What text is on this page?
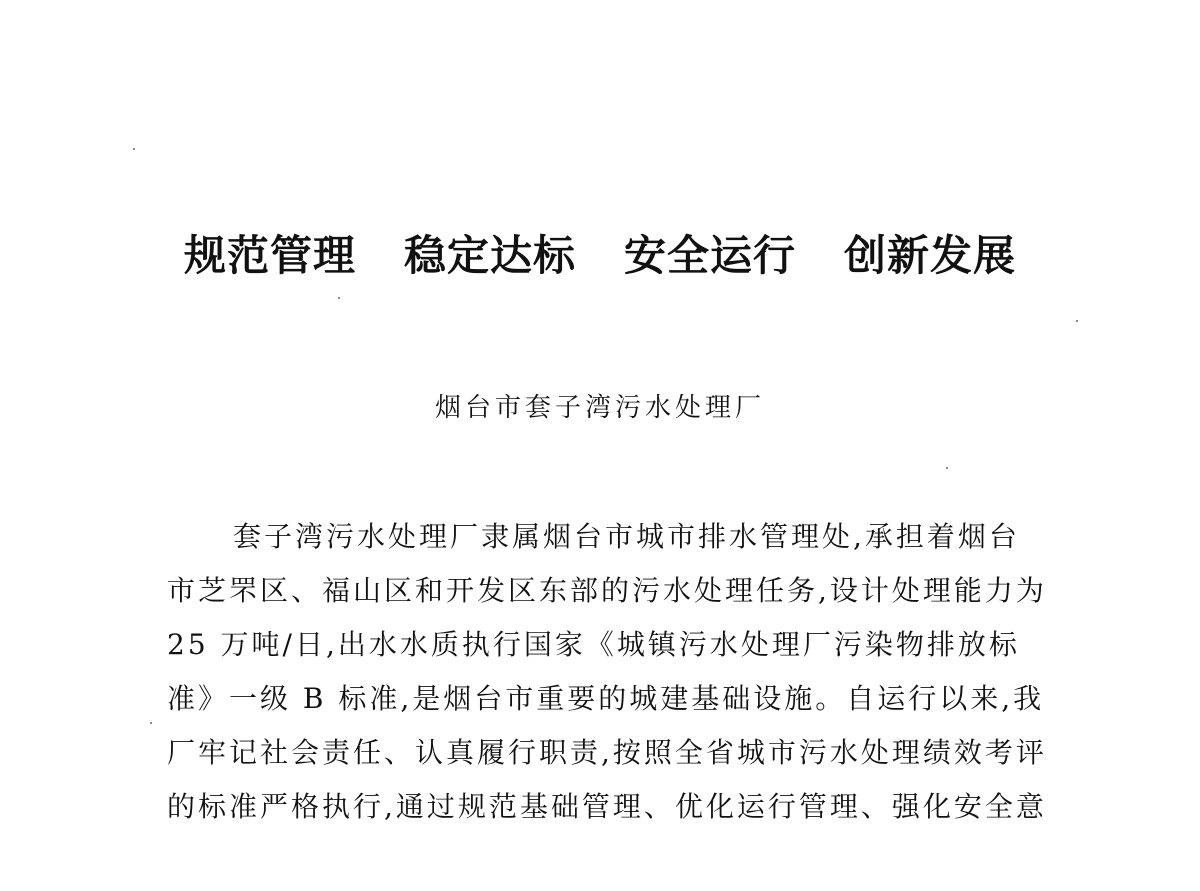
规范管理 稳定达标 安全运行 创新发展

烟台市套子湾污水处理厂

套子湾污水处理厂隶属烟台市城市排水管理处,承担着烟台
市芝罘区、福山区和开发区东部的污水处理任务,设计处理能力为
25 万吨/日,出水水质执行国家《城镇污水处理厂污染物排放标
准》一级 B 标准,是烟台市重要的城建基础设施。自运行以来,我
厂牢记社会责任、认真履行职责,按照全省城市污水处理绩效考评
的标准严格执行,通过规范基础管理、优化运行管理、强化安全意
